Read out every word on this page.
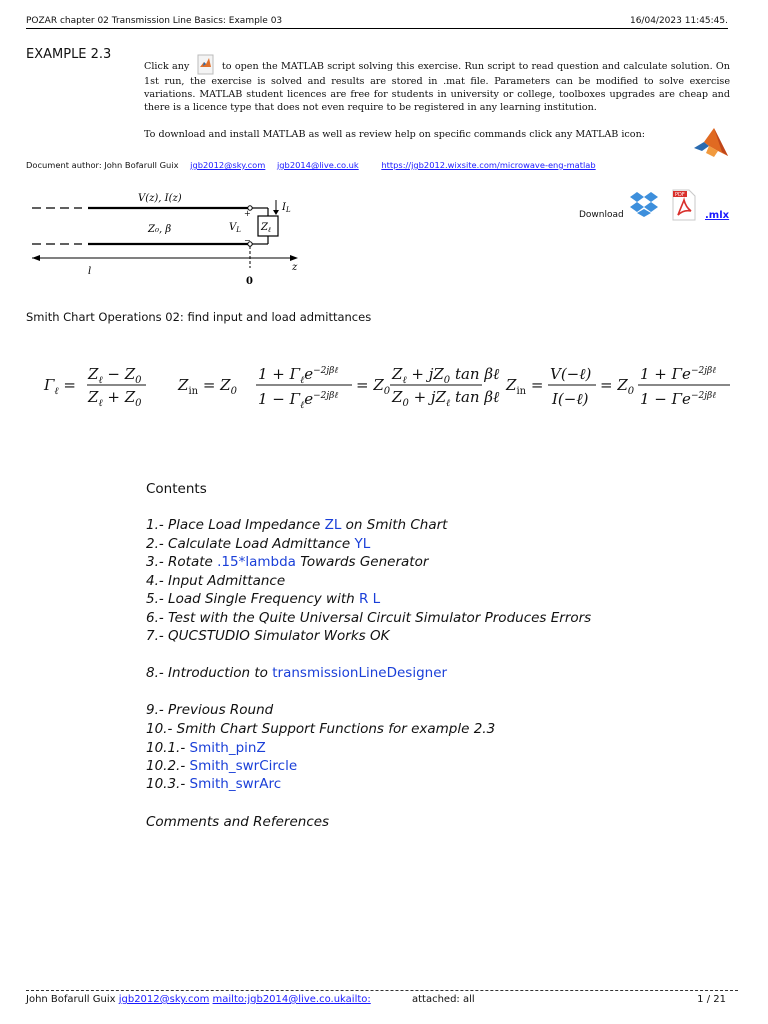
POZAR chapter 02 Transmission Line Basics: Example 03	16/04/2023 11:45:45.
EXAMPLE 2.3
Click any	to open the MATLAB script solving this exercise. Run script to read question and calculate solution. On 1st run, the exercise is solved and results are stored in .mat file. Parameters can be modified to solve exercise variations. MATLAB student licences are free for students in university or college, toolboxes upgrades are cheap and there is a licence type that does not even require to be registered in any learning institution.
To download and install MATLAB as well as review help on specific commands click any MATLAB icon:
Document author: John Bofarull Guix jgb2012@sky.com jgb2014@live.co.uk	https://jgb2012.wixsite.com/microwave-eng-matlab
V(z), I(z)
Z₀, β	$V_L$ $Z_\ell$
$I_L$
+
−
l	z
0
Download
PDF
.mlx
Smith Chart Operations 02: find input and load admittances
$\Gamma_\ell$ =
$Z_\ell - Z_0$
$Z_\ell + Z_0$
$Z_{in} = Z_0$
$1 + \Gamma_\ell e^{-2j\beta\ell}$
$1 - \Gamma_\ell e^{-2j\beta\ell}$
= $Z_0$
$Z_\ell + jZ_0$ tan βℓ
$Z_0 + jZ_\ell$ tan βℓ
$Z_{in}$ =
V(−ℓ)
I(−ℓ)
= $Z_0$
$1 + \Gamma e^{-2j\beta\ell}$
$1 - \Gamma e^{-2j\beta\ell}$
Contents
1.- Place Load Impedance ZL on Smith Chart
2.- Calculate Load Admittance YL
3.- Rotate .15*lambda Towards Generator
4.- Input Admittance
5.- Load Single Frequency with R L
6.- Test with the Quite Universal Circuit Simulator Produces Errors
7.- QUCSTUDIO Simulator Works OK
8.- Introduction to transmissionLineDesigner
9.- Previous Round
10.- Smith Chart Support Functions for example 2.3
10.1.- Smith_pinZ
10.2.- Smith_swrCircle
10.3.- Smith_swrArc
Comments and References
John Bofarull Guix jgb2012@sky.com mailto:jgb2014@live.co.ukailto:	attached: all	1 / 21
